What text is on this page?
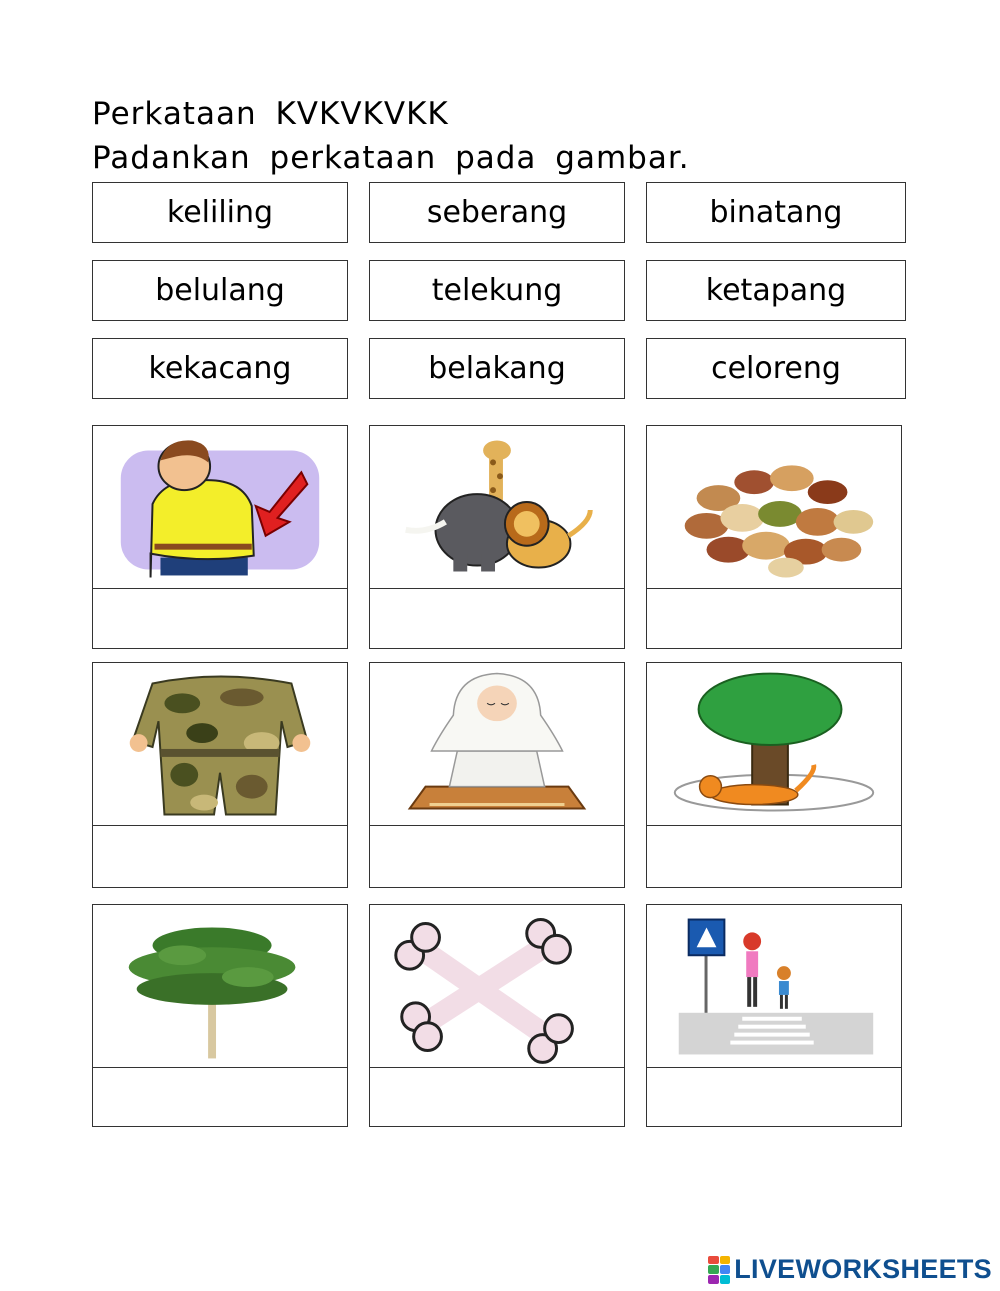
Perkataan KVKVKVKK
Padankan perkataan pada gambar.
keliling	seberang	binatang
belulang	telekung	ketapang
kekacang	belakang	celoreng
LIVEWORKSHEETS
